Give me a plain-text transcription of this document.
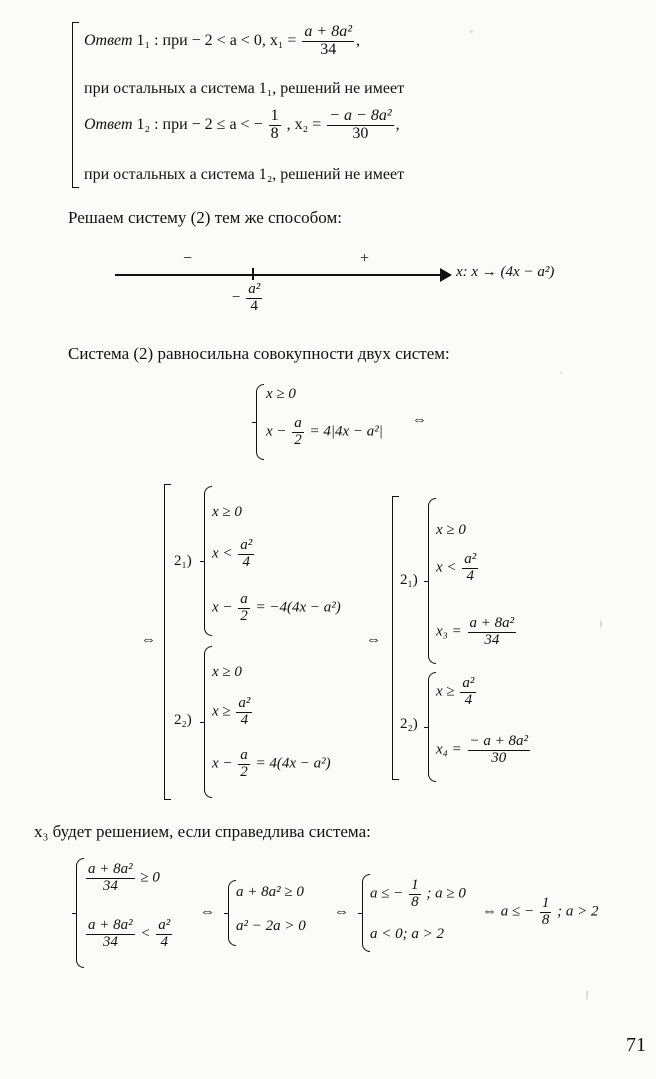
Ответ 1₁ : при − 2 < a < 0, $x_1 = \frac{\text{a + 8a²}}{34}$ ,
при остальных a система 1₁, решений не имеет
Ответ 1₂ : при − 2 ≤ a < − $\frac{1}{8}$ , $x_2 = \frac{\text{− a − 8a²}}{30}$ ,
при остальных a система 1₂, решений не имеет
Решаем систему (2) тем же способом:
−	+
x: x → (4x − a²)
− $\frac{\text{a²}}{4}$
Система (2) равносильна совокупности двух систем:
x ≥ 0
$x - \frac{a}{2} = 4|4x - a^2|$
⇔
⇔
2₁)
x ≥ 0
$x < \frac{\text{a²}}{4}$
$x - \frac{a}{2} = -4(4x - a^2)$
2₂)
x ≥ 0
$x \ge \frac{\text{a²}}{4}$
$x - \frac{a}{2} = 4(4x - a^2)$
⇔
2₁)
x ≥ 0
$x < \frac{\text{a²}}{4}$
$x_3 = \frac{\text{a + 8a²}}{34}$
2₂)
$x \ge \frac{\text{a²}}{4}$
$x_4 = \frac{\text{− a + 8a²}}{30}$
x₃ будет решением, если справедлива система:
$\frac{\text{a + 8a²}}{34} \ge 0$
$\frac{\text{a + 8a²}}{34} < \frac{\text{a²}}{4}$
⇔
a + 8a² ≥ 0
a² − 2a > 0
⇔
a ≤ − $\frac{1}{8}$ ; a ≥ 0
a < 0; a > 2
⇔ a ≤ − $\frac{1}{8}$ ; a > 2
71
